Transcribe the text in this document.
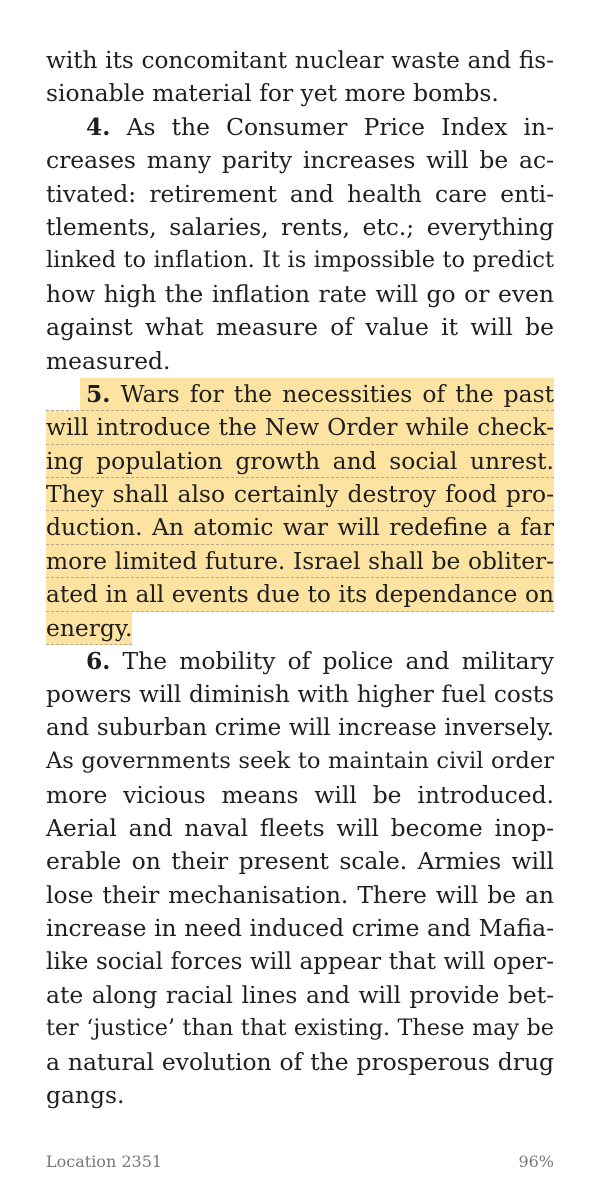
with its concomitant nuclear waste and fis-
sionable material for yet more bombs.
4. As the Consumer Price Index in-
creases many parity increases will be ac-
tivated: retirement and health care enti-
tlements, salaries, rents, etc.; everything
linked to inflation. It is impossible to predict
how high the inflation rate will go or even
against what measure of value it will be
measured.
5. Wars for the necessities of the past
will introduce the New Order while check-
ing population growth and social unrest.
They shall also certainly destroy food pro-
duction. An atomic war will redefine a far
more limited future. Israel shall be obliter-
ated in all events due to its dependance on
energy.
6. The mobility of police and military
powers will diminish with higher fuel costs
and suburban crime will increase inversely.
As governments seek to maintain civil order
more vicious means will be introduced.
Aerial and naval fleets will become inop-
erable on their present scale. Armies will
lose their mechanisation. There will be an
increase in need induced crime and Mafia-
like social forces will appear that will oper-
ate along racial lines and will provide bet-
ter ‘justice’ than that existing. These may be
a natural evolution of the prosperous drug
gangs.
Location 2351	96%
